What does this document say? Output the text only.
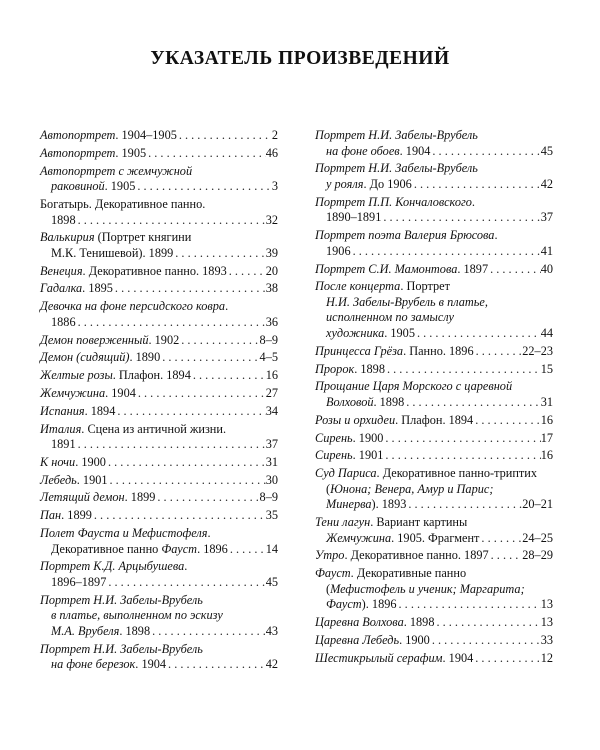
УКАЗАТЕЛЬ ПРОИЗВЕДЕНИЙ
Автопортрет. 1904–1905 . . .	2
Автопортрет. 1905 . . .	46
Автопортрет с жемчужной
раковиной. 1905 . . .	3
Богатырь. Декоративное панно.
1898 . . .	32
Валькирия (Портрет княгини
М.К. Тенишевой). 1899 . . .	39
Венеция. Декоративное панно. 1893 . . .	20
Гадалка. 1895 . . .	38
Девочка на фоне персидского ковра.
1886 . . .	36
Демон поверженный. 1902 . . .	8–9
Демон (сидящий). 1890 . . .	4–5
Желтые розы. Плафон. 1894 . . .	16
Жемчужина. 1904 . . .	27
Испания. 1894 . . .	34
Италия. Сцена из античной жизни.
1891 . . .	37
К ночи. 1900 . . .	31
Лебедь. 1901 . . .	30
Летящий демон. 1899 . . .	8–9
Пан. 1899 . . .	35
Полет Фауста и Мефистофеля.
Декоративное панно Фауст. 1896 . . .	14
Портрет К.Д. Арцыбушева.
1896–1897 . . .	45
Портрет Н.И. Забелы-Врубель
в платье, выполненном по эскизу
М.А. Врубеля. 1898 . . .	43
Портрет Н.И. Забелы-Врубель
на фоне березок. 1904 . . .	42
Портрет Н.И. Забелы-Врубель
на фоне обоев. 1904 . . .	45
Портрет Н.И. Забелы-Врубель
у рояля. До 1906 . . .	42
Портрет П.П. Кончаловского.
1890–1891 . . .	37
Портрет поэта Валерия Брюсова.
1906 . . .	41
Портрет С.И. Мамонтова. 1897 . . .	40
После концерта. Портрет
Н.И. Забелы-Врубель в платье,
исполненном по замыслу
художника. 1905 . . .	44
Принцесса Грёза. Панно. 1896 . . .	22–23
Пророк. 1898 . . .	15
Прощание Царя Морского с царевной
Волховой. 1898 . . .	31
Розы и орхидеи. Плафон. 1894 . . .	16
Сирень. 1900 . . .	17
Сирень. 1901 . . .	16
Суд Париса. Декоративное панно-триптих
(Юнона; Венера, Амур и Парис;
Минерва). 1893 . . .	20–21
Тени лагун. Вариант картины
Жемчужина. 1905. Фрагмент . . .	24–25
Утро. Декоративное панно. 1897 . . .	28–29
Фауст. Декоративные панно
(Мефистофель и ученик; Маргарита;
Фауст). 1896 . . .	13
Царевна Волхова. 1898 . . .	13
Царевна Лебедь. 1900 . . .	33
Шестикрылый серафим. 1904 . . .	12
